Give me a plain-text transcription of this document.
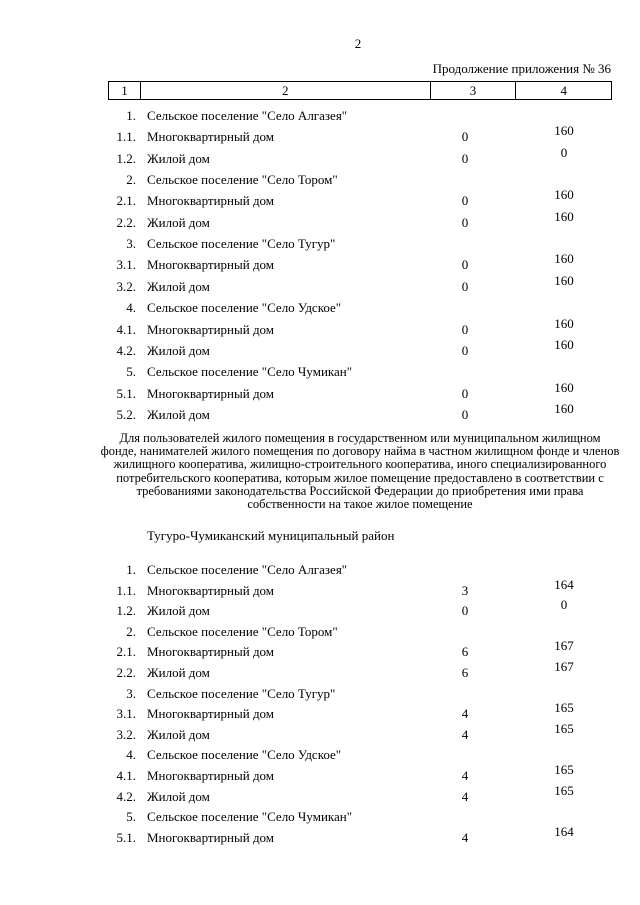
2
Продолжение приложения № 36
1	2	3	4
1. Сельское поселение "Село Алгазея"
1.1. Многоквартирный дом	0	160
1.2. Жилой дом	0	0
2. Сельское поселение "Село Тором"
2.1. Многоквартирный дом	0	160
2.2. Жилой дом	0	160
3. Сельское поселение "Село Тугур"
3.1. Многоквартирный дом	0	160
3.2. Жилой дом	0	160
4. Сельское поселение "Село Удское"
4.1. Многоквартирный дом	0	160
4.2. Жилой дом	0	160
5. Сельское поселение "Село Чумикан"
5.1. Многоквартирный дом	0	160
5.2. Жилой дом	0	160
Для пользователей жилого помещения в государственном или муниципальном жилищном фонде, нанимателей жилого помещения по договору найма в частном жилищном фонде и членов жилищного кооператива, жилищно-строительного кооператива, иного специализированного потребительского кооператива, которым жилое помещение предоставлено в соответствии с требованиями законодательства Российской Федерации до приобретения ими права собственности на такое жилое помещение
Тугуро-Чумиканский муниципальный район
1. Сельское поселение "Село Алгазея"
1.1. Многоквартирный дом	3	164
1.2. Жилой дом	0	0
2. Сельское поселение "Село Тором"
2.1. Многоквартирный дом	6	167
2.2. Жилой дом	6	167
3. Сельское поселение "Село Тугур"
3.1. Многоквартирный дом	4	165
3.2. Жилой дом	4	165
4. Сельское поселение "Село Удское"
4.1. Многоквартирный дом	4	165
4.2. Жилой дом	4	165
5. Сельское поселение "Село Чумикан"
5.1. Многоквартирный дом	4	164
